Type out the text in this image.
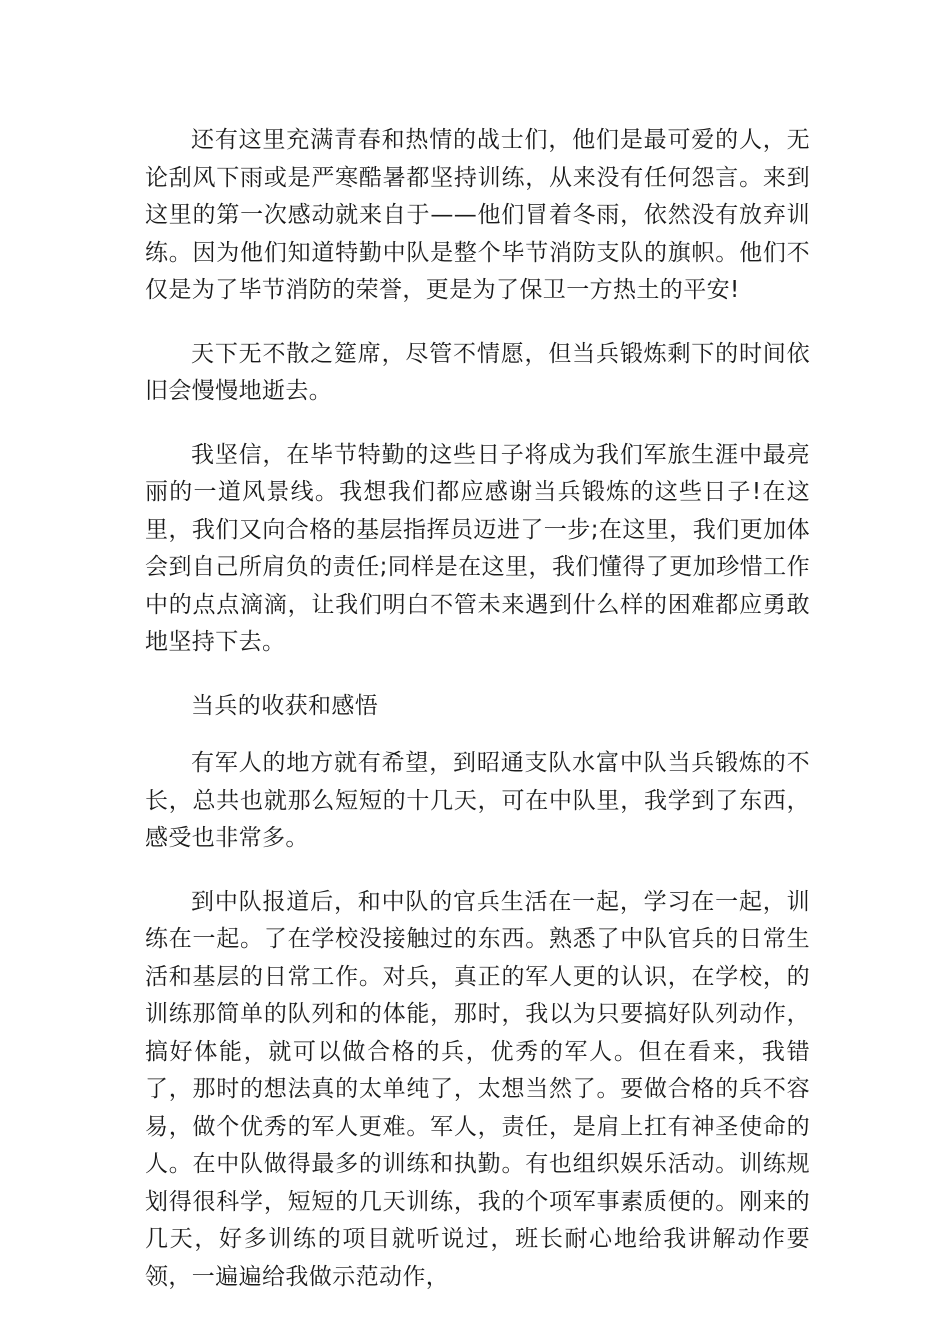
还有这里充满青春和热情的战士们，他们是最可爱的人，无论刮风下雨或是严寒酷暑都坚持训练，从来没有任何怨言。来到这里的第一次感动就来自于——他们冒着冬雨，依然没有放弃训练。因为他们知道特勤中队是整个毕节消防支队的旗帜。他们不仅是为了毕节消防的荣誉，更是为了保卫一方热土的平安!

天下无不散之筵席，尽管不情愿，但当兵锻炼剩下的时间依旧会慢慢地逝去。

我坚信，在毕节特勤的这些日子将成为我们军旅生涯中最亮丽的一道风景线。我想我们都应感谢当兵锻炼的这些日子!在这里，我们又向合格的基层指挥员迈进了一步;在这里，我们更加体会到自己所肩负的责任;同样是在这里，我们懂得了更加珍惜工作中的点点滴滴，让我们明白不管未来遇到什么样的困难都应勇敢地坚持下去。

当兵的收获和感悟

有军人的地方就有希望，到昭通支队水富中队当兵锻炼的不长，总共也就那么短短的十几天，可在中队里，我学到了东西，感受也非常多。

到中队报道后，和中队的官兵生活在一起，学习在一起，训练在一起。了在学校没接触过的东西。熟悉了中队官兵的日常生活和基层的日常工作。对兵，真正的军人更的认识，在学校，的训练那简单的队列和的体能，那时，我以为只要搞好队列动作，搞好体能，就可以做合格的兵，优秀的军人。但在看来，我错了，那时的想法真的太单纯了，太想当然了。要做合格的兵不容易，做个优秀的军人更难。军人，责任，是肩上扛有神圣使命的人。在中队做得最多的训练和执勤。有也组织娱乐活动。训练规划得很科学，短短的几天训练，我的个项军事素质便的。刚来的几天，好多训练的项目就听说过，班长耐心地给我讲解动作要领，一遍遍给我做示范动作，
